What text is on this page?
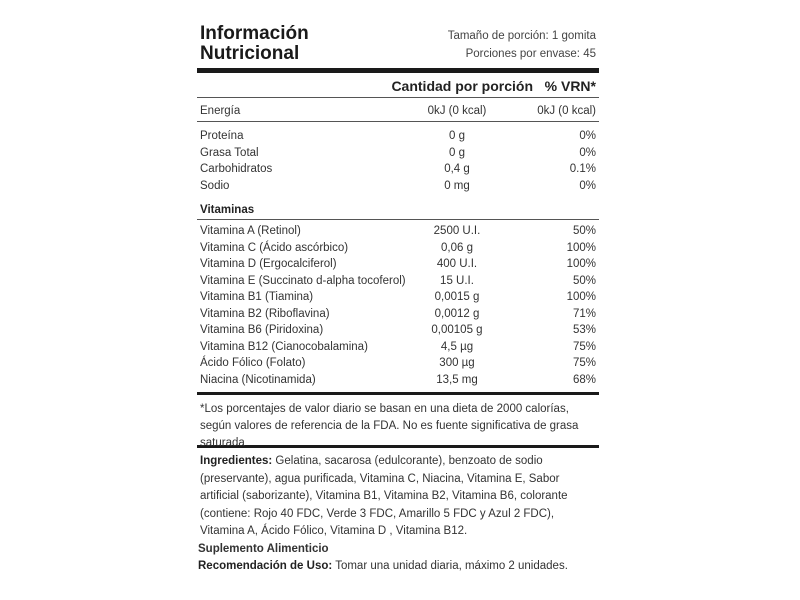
Información
Nutricional
Tamaño de porción: 1 gomita
Porciones por envase: 45
Cantidad por porción % VRN*
Energía	0kJ (0 kcal)	0kJ (0 kcal)
Proteína	0 g	0%
Grasa Total	0 g	0%
Carbohidratos	0,4 g	0.1%
Sodio	0 mg	0%
Vitaminas
Vitamina A (Retinol)	2500 U.I.	50%
Vitamina C (Ácido ascórbico)	0,06 g	100%
Vitamina D (Ergocalciferol)	400 U.I.	100%
Vitamina E (Succinato d-alpha tocoferol)	15 U.I.	50%
Vitamina B1 (Tiamina)	0,0015 g	100%
Vitamina B2 (Riboflavina)	0,0012 g	71%
Vitamina B6 (Piridoxina)	0,00105 g	53%
Vitamina B12 (Cianocobalamina)	4,5 µg	75%
Ácido Fólico (Folato)	300 µg	75%
Niacina (Nicotinamida)	13,5 mg	68%
*Los porcentajes de valor diario se basan en una dieta de 2000 calorías, según valores de referencia de la FDA. No es fuente significativa de grasa saturada
Ingredientes: Gelatina, sacarosa (edulcorante), benzoato de sodio (preservante), agua purificada, Vitamina C, Niacina, Vitamina E, Sabor artificial (saborizante), Vitamina B1, Vitamina B2, Vitamina B6, colorante (contiene: Rojo 40 FDC, Verde 3 FDC, Amarillo 5 FDC y Azul 2 FDC), Vitamina A, Ácido Fólico, Vitamina D , Vitamina B12.
Suplemento Alimenticio
Recomendación de Uso: Tomar una unidad diaria, máximo 2 unidades.
